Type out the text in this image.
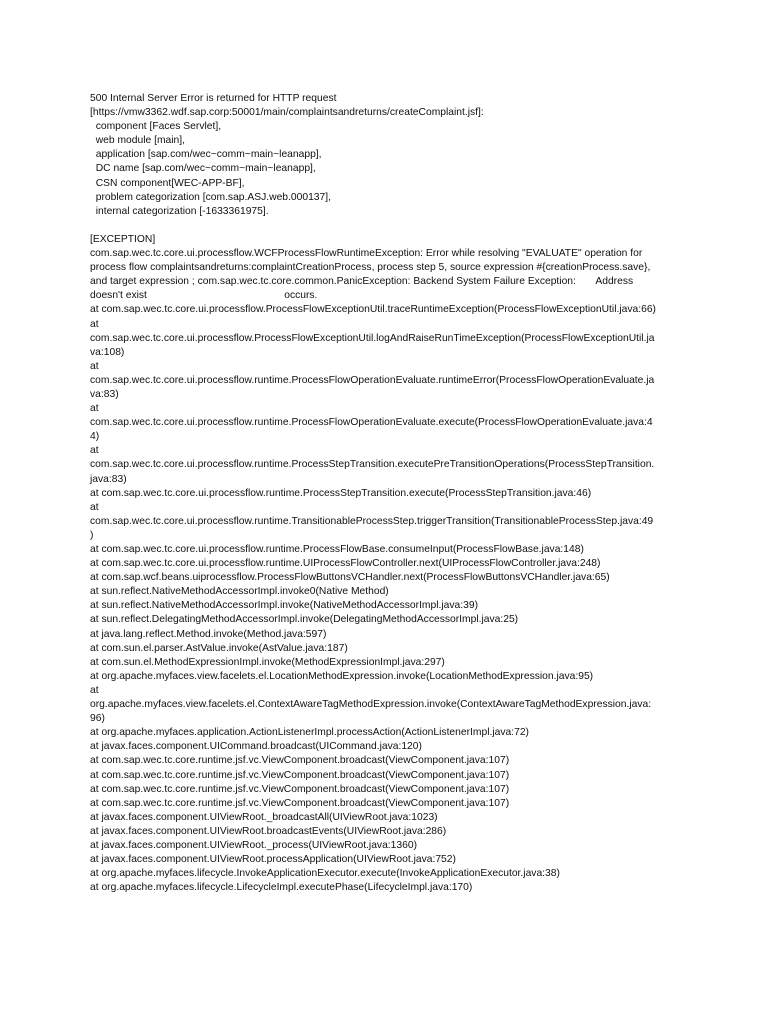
500 Internal Server Error is returned for HTTP request
[https://vmw3362.wdf.sap.corp:50001/main/complaintsandreturns/createComplaint.jsf]:
component [Faces Servlet],
web module [main],
application [sap.com/wec~comm~main~leanapp],
DC name [sap.com/wec~comm~main~leanapp],
CSN component[WEC-APP-BF],
problem categorization [com.sap.ASJ.web.000137],
internal categorization [-1633361975].
[EXCEPTION]
com.sap.wec.tc.core.ui.processflow.WCFProcessFlowRuntimeException: Error while resolving "EVALUATE" operation for
process flow complaintsandreturns:complaintCreationProcess, process step 5, source expression #{creationProcess.save},
and target expression ; com.sap.wec.tc.core.common.PanicException: Backend System Failure Exception:       Address
doesn't exist                                                occurs.
at com.sap.wec.tc.core.ui.processflow.ProcessFlowExceptionUtil.traceRuntimeException(ProcessFlowExceptionUtil.java:66)
at
com.sap.wec.tc.core.ui.processflow.ProcessFlowExceptionUtil.logAndRaiseRunTimeException(ProcessFlowExceptionUtil.ja
va:108)
at
com.sap.wec.tc.core.ui.processflow.runtime.ProcessFlowOperationEvaluate.runtimeError(ProcessFlowOperationEvaluate.ja
va:83)
at
com.sap.wec.tc.core.ui.processflow.runtime.ProcessFlowOperationEvaluate.execute(ProcessFlowOperationEvaluate.java:4
4)
at
com.sap.wec.tc.core.ui.processflow.runtime.ProcessStepTransition.executePreTransitionOperations(ProcessStepTransition.
java:83)
at com.sap.wec.tc.core.ui.processflow.runtime.ProcessStepTransition.execute(ProcessStepTransition.java:46)
at
com.sap.wec.tc.core.ui.processflow.runtime.TransitionableProcessStep.triggerTransition(TransitionableProcessStep.java:49
)
at com.sap.wec.tc.core.ui.processflow.runtime.ProcessFlowBase.consumeInput(ProcessFlowBase.java:148)
at com.sap.wec.tc.core.ui.processflow.runtime.UIProcessFlowController.next(UIProcessFlowController.java:248)
at com.sap.wcf.beans.uiprocessflow.ProcessFlowButtonsVCHandler.next(ProcessFlowButtonsVCHandler.java:65)
at sun.reflect.NativeMethodAccessorImpl.invoke0(Native Method)
at sun.reflect.NativeMethodAccessorImpl.invoke(NativeMethodAccessorImpl.java:39)
at sun.reflect.DelegatingMethodAccessorImpl.invoke(DelegatingMethodAccessorImpl.java:25)
at java.lang.reflect.Method.invoke(Method.java:597)
at com.sun.el.parser.AstValue.invoke(AstValue.java:187)
at com.sun.el.MethodExpressionImpl.invoke(MethodExpressionImpl.java:297)
at org.apache.myfaces.view.facelets.el.LocationMethodExpression.invoke(LocationMethodExpression.java:95)
at
org.apache.myfaces.view.facelets.el.ContextAwareTagMethodExpression.invoke(ContextAwareTagMethodExpression.java:
96)
at org.apache.myfaces.application.ActionListenerImpl.processAction(ActionListenerImpl.java:72)
at javax.faces.component.UICommand.broadcast(UICommand.java:120)
at com.sap.wec.tc.core.runtime.jsf.vc.ViewComponent.broadcast(ViewComponent.java:107)
at com.sap.wec.tc.core.runtime.jsf.vc.ViewComponent.broadcast(ViewComponent.java:107)
at com.sap.wec.tc.core.runtime.jsf.vc.ViewComponent.broadcast(ViewComponent.java:107)
at com.sap.wec.tc.core.runtime.jsf.vc.ViewComponent.broadcast(ViewComponent.java:107)
at javax.faces.component.UIViewRoot._broadcastAll(UIViewRoot.java:1023)
at javax.faces.component.UIViewRoot.broadcastEvents(UIViewRoot.java:286)
at javax.faces.component.UIViewRoot._process(UIViewRoot.java:1360)
at javax.faces.component.UIViewRoot.processApplication(UIViewRoot.java:752)
at org.apache.myfaces.lifecycle.InvokeApplicationExecutor.execute(InvokeApplicationExecutor.java:38)
at org.apache.myfaces.lifecycle.LifecycleImpl.executePhase(LifecycleImpl.java:170)
